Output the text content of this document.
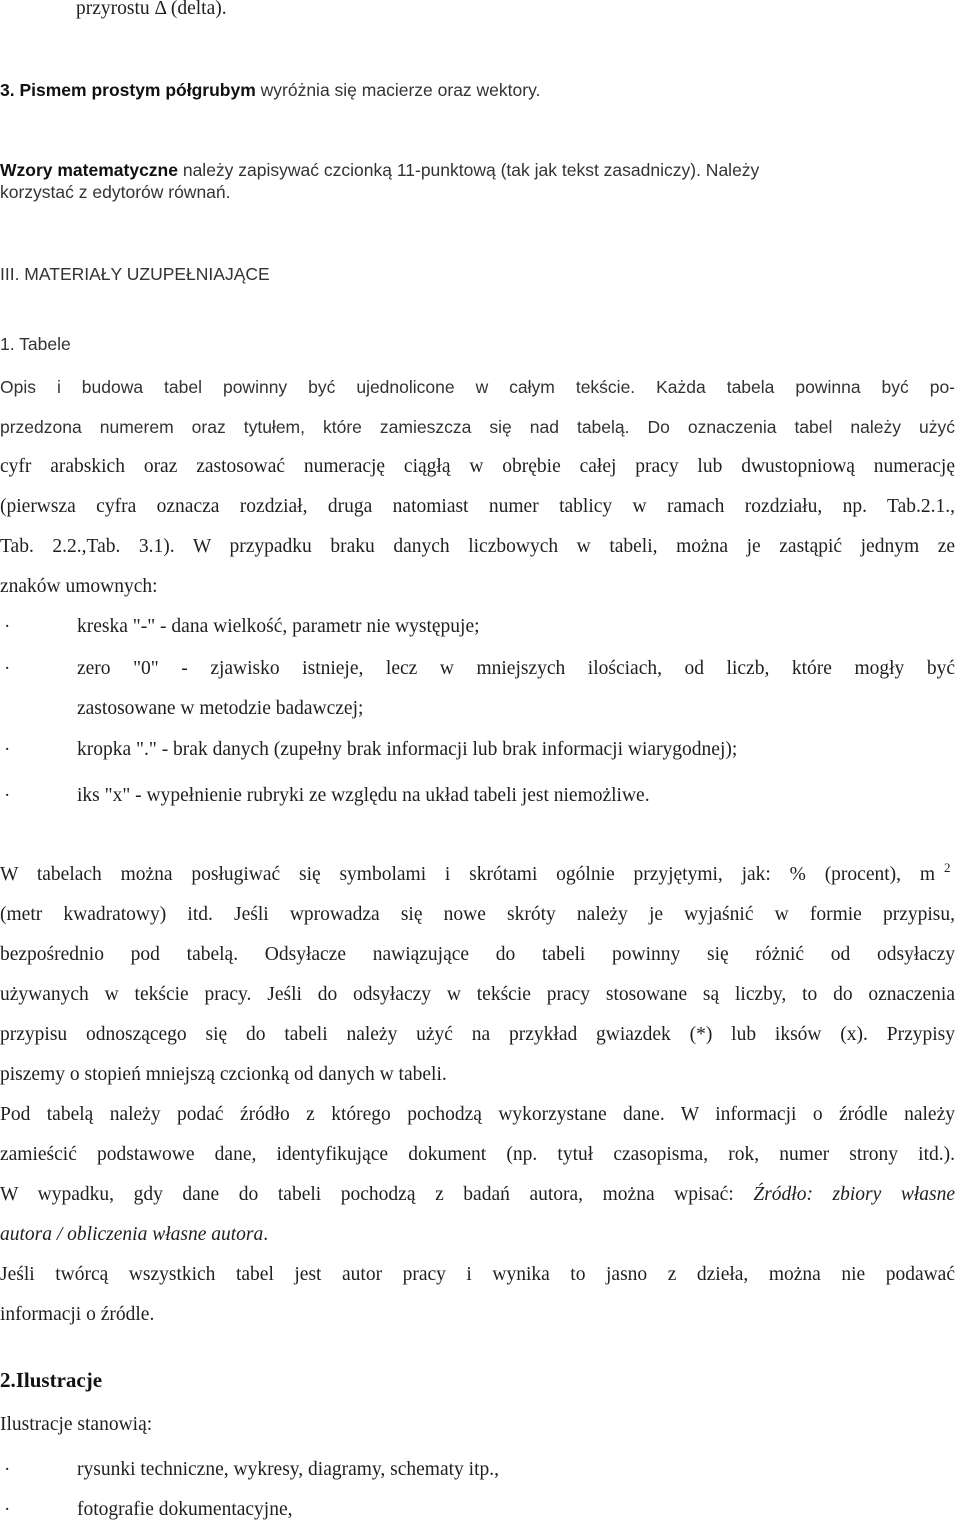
przyrostu Δ (delta).
3. Pismem prostym półgrubym wyróżnia się macierze oraz wektory.
Wzory matematyczne należy zapisywać czcionką 11-punktową (tak jak tekst zasadniczy). Należy
korzystać z edytorów równań.
III. MATERIAŁY UZUPEŁNIAJĄCE
1. Tabele
Opis i budowa tabel powinny być ujednolicone w całym tekście. Każda tabela powinna być po-
przedzona numerem oraz tytułem, które zamieszcza się nad tabelą. Do oznaczenia tabel należy użyć
cyfr arabskich oraz zastosować numerację ciągłą w obrębie całej pracy lub dwustopniową numerację
(pierwsza cyfra oznacza rozdział, druga natomiast numer tablicy w ramach rozdziału, np. Tab.2.1.,
Tab. 2.2.,Tab. 3.1). W przypadku braku danych liczbowych w tabeli, można je zastąpić jednym ze
znaków umownych:
·	kreska "-" - dana wielkość, parametr nie występuje;
·	zero "0" - zjawisko istnieje, lecz w mniejszych ilościach, od liczb, które mogły być
zastosowane w metodzie badawczej;
·	kropka "." - brak danych (zupełny brak informacji lub brak informacji wiarygodnej);
·	iks "x" - wypełnienie rubryki ze względu na układ tabeli jest niemożliwe.
W tabelach można posługiwać się symbolami i skrótami ogólnie przyjętymi, jak: % (procent), m 2
(metr kwadratowy) itd. Jeśli wprowadza się nowe skróty należy je wyjaśnić w formie przypisu,
bezpośrednio pod tabelą. Odsyłacze nawiązujące do tabeli powinny się różnić od odsyłaczy
używanych w tekście pracy. Jeśli do odsyłaczy w tekście pracy stosowane są liczby, to do oznaczenia
przypisu odnoszącego się do tabeli należy użyć na przykład gwiazdek (*) lub iksów (x). Przypisy
piszemy o stopień mniejszą czcionką od danych w tabeli.
Pod tabelą należy podać źródło z którego pochodzą wykorzystane dane. W informacji o źródle należy
zamieścić podstawowe dane, identyfikujące dokument (np. tytuł czasopisma, rok, numer strony itd.).
W wypadku, gdy dane do tabeli pochodzą z badań autora, można wpisać: Źródło: zbiory własne
autora / obliczenia własne autora.
Jeśli twórcą wszystkich tabel jest autor pracy i wynika to jasno z dzieła, można nie podawać
informacji o źródle.
2.Ilustracje
Ilustracje stanowią:
·	rysunki techniczne, wykresy, diagramy, schematy itp.,
·	fotografie dokumentacyjne,
